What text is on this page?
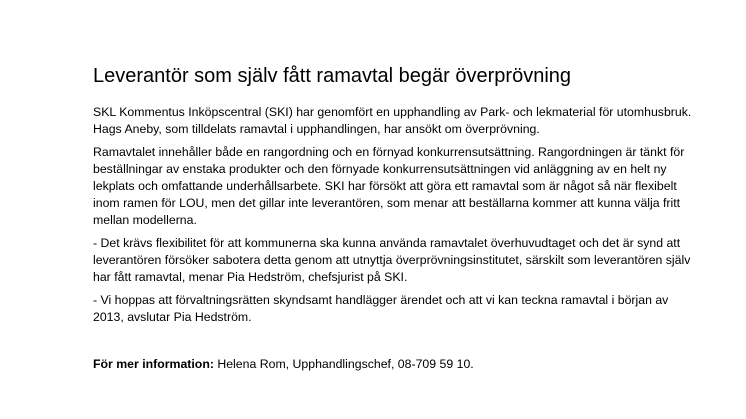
Leverantör som själv fått ramavtal begär överprövning

SKL Kommentus Inköpscentral (SKI) har genomfört en upphandling av Park- och lekmaterial för utomhusbruk. Hags Aneby, som tilldelats ramavtal i upphandlingen, har ansökt om överprövning.

Ramavtalet innehåller både en rangordning och en förnyad konkurrensutsättning. Rangordningen är tänkt för beställningar av enstaka produkter och den förnyade konkurrensutsättningen vid anläggning av en helt ny lekplats och omfattande underhållsarbete. SKI har försökt att göra ett ramavtal som är något så när flexibelt inom ramen för LOU, men det gillar inte leverantören, som menar att beställarna kommer att kunna välja fritt mellan modellerna.

- Det krävs flexibilitet för att kommunerna ska kunna använda ramavtalet överhuvudtaget och det är synd att leverantören försöker sabotera detta genom att utnyttja överprövningsinstitutet, särskilt som leverantören själv har fått ramavtal, menar Pia Hedström, chefsjurist på SKI.

- Vi hoppas att förvaltningsrätten skyndsamt handlägger ärendet och att vi kan teckna ramavtal i början av 2013, avslutar Pia Hedström.

För mer information: Helena Rom, Upphandlingschef, 08-709 59 10.
